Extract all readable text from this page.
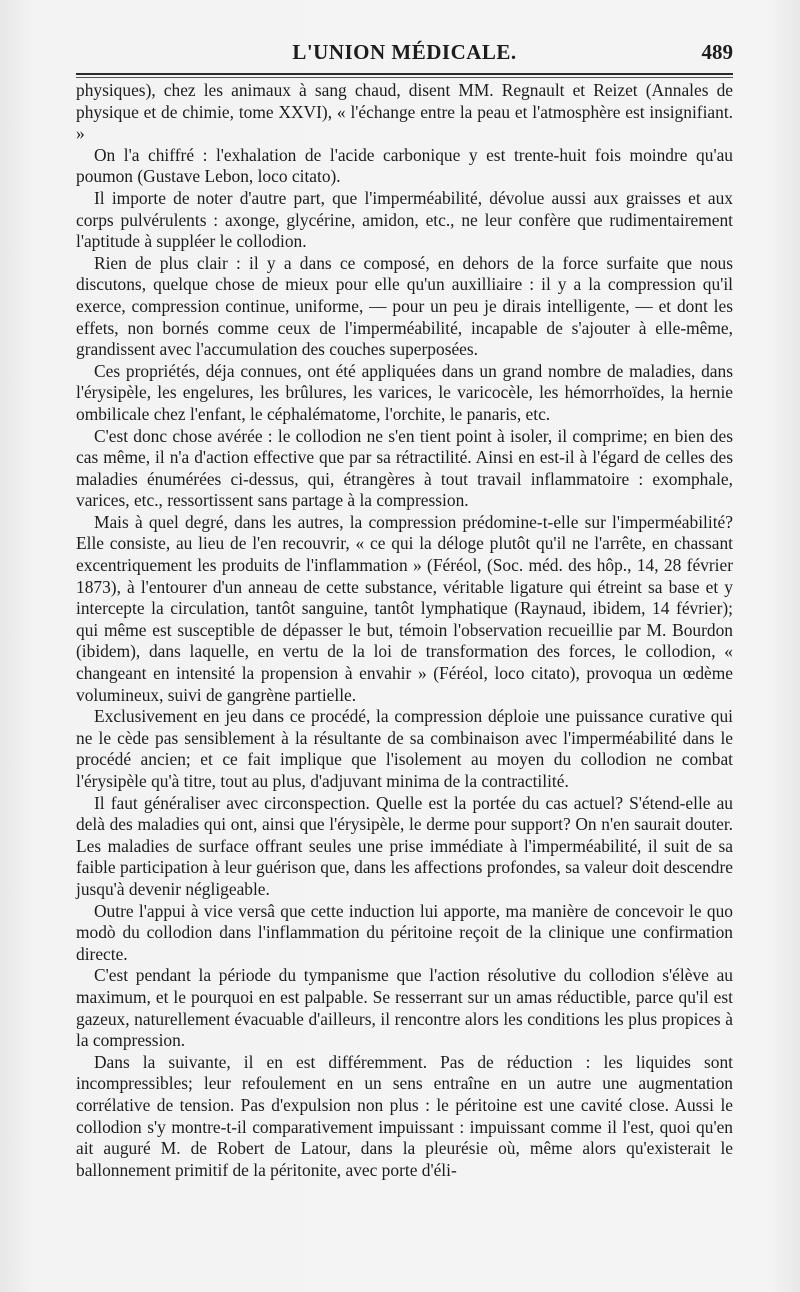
L'UNION MÉDICALE.	489

physiques), chez les animaux à sang chaud, disent MM. Regnault et Reizet (Annales de physique et de chimie, tome XXVI), « l'échange entre la peau et l'atmosphère est insignifiant. »

On l'a chiffré : l'exhalation de l'acide carbonique y est trente-huit fois moindre qu'au poumon (Gustave Lebon, loco citato).

Il importe de noter d'autre part, que l'imperméabilité, dévolue aussi aux graisses et aux corps pulvérulents : axonge, glycérine, amidon, etc., ne leur confère que rudimentairement l'aptitude à suppléer le collodion.

Rien de plus clair : il y a dans ce composé, en dehors de la force surfaite que nous discutons, quelque chose de mieux pour elle qu'un auxilliaire : il y a la compression qu'il exerce, compression continue, uniforme, — pour un peu je dirais intelligente, — et dont les effets, non bornés comme ceux de l'imperméabilité, incapable de s'ajouter à elle-même, grandissent avec l'accumulation des couches superposées.

Ces propriétés, déja connues, ont été appliquées dans un grand nombre de maladies, dans l'érysipèle, les engelures, les brûlures, les varices, le varicocèle, les hémorrhoïdes, la hernie ombilicale chez l'enfant, le céphalématome, l'orchite, le panaris, etc.

C'est donc chose avérée : le collodion ne s'en tient point à isoler, il comprime; en bien des cas même, il n'a d'action effective que par sa rétractilité. Ainsi en est-il à l'égard de celles des maladies énumérées ci-dessus, qui, étrangères à tout travail inflammatoire : exomphale, varices, etc., ressortissent sans partage à la compression.

Mais à quel degré, dans les autres, la compression prédomine-t-elle sur l'imperméabilité? Elle consiste, au lieu de l'en recouvrir, « ce qui la déloge plutôt qu'il ne l'arrête, en chassant excentriquement les produits de l'inflammation » (Féréol, (Soc. méd. des hôp., 14, 28 février 1873), à l'entourer d'un anneau de cette substance, véritable ligature qui étreint sa base et y intercepte la circulation, tantôt sanguine, tantôt lymphatique (Raynaud, ibidem, 14 février); qui même est susceptible de dépasser le but, témoin l'observation recueillie par M. Bourdon (ibidem), dans laquelle, en vertu de la loi de transformation des forces, le collodion, « changeant en intensité la propension à envahir » (Féréol, loco citato), provoqua un œdème volumineux, suivi de gangrène partielle.

Exclusivement en jeu dans ce procédé, la compression déploie une puissance curative qui ne le cède pas sensiblement à la résultante de sa combinaison avec l'imperméabilité dans le procédé ancien; et ce fait implique que l'isolement au moyen du collodion ne combat l'érysipèle qu'à titre, tout au plus, d'adjuvant minima de la contractilité.

Il faut généraliser avec circonspection. Quelle est la portée du cas actuel? S'étend-elle au delà des maladies qui ont, ainsi que l'érysipèle, le derme pour support? On n'en saurait douter. Les maladies de surface offrant seules une prise immédiate à l'imperméabilité, il suit de sa faible participation à leur guérison que, dans les affections profondes, sa valeur doit descendre jusqu'à devenir négligeable.

Outre l'appui à vice versâ que cette induction lui apporte, ma manière de concevoir le quo modò du collodion dans l'inflammation du péritoine reçoit de la clinique une confirmation directe.

C'est pendant la période du tympanisme que l'action résolutive du collodion s'élève au maximum, et le pourquoi en est palpable. Se resserrant sur un amas réductible, parce qu'il est gazeux, naturellement évacuable d'ailleurs, il rencontre alors les conditions les plus propices à la compression.

Dans la suivante, il en est différemment. Pas de réduction : les liquides sont incompressibles; leur refoulement en un sens entraîne en un autre une augmentation corrélative de tension. Pas d'expulsion non plus : le péritoine est une cavité close. Aussi le collodion s'y montre-t-il comparativement impuissant : impuissant comme il l'est, quoi qu'en ait auguré M. de Robert de Latour, dans la pleurésie où, même alors qu'existerait le ballonnement primitif de la péritonite, avec porte d'éli-
